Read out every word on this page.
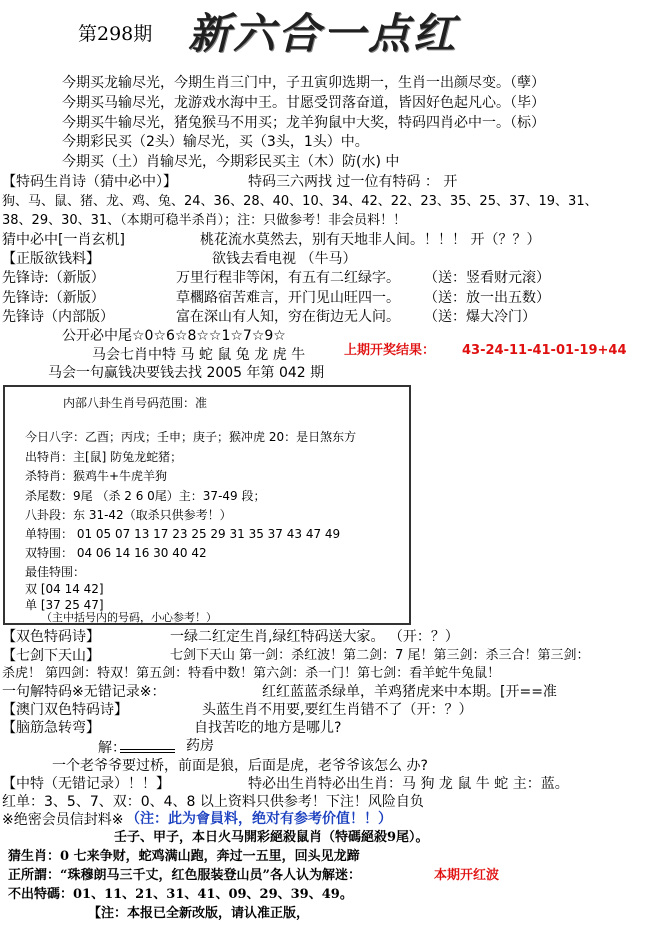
第298期 新六合一点红
今期买龙输尽光，今期生肖三门中，子丑寅卯选期一，生肖一出颜尽变。（孽）
今期买马输尽光，龙游戏水海中王。甘愿受罚落奋道，皆因好色起凡心。（毕）
今期买牛输尽光，猪兔猴马不用买；龙羊狗鼠中大奖，特码四肖必中一。（标）
今期彩民买（2头）输尽光，买（3头，1头）中。
今期买（土）肖输尽光，今期彩民买主（木）防(水) 中
【特码生肖诗（猜中必中）】	特码三六两找 过一位有特码 ： 开
狗、马、鼠、猪、龙、鸡、兔、24、36、28、40、10、34、42、22、23、35、25、37、19、31、
38、29、30、31、（本期可稳半杀肖）；注：只做参考！非会员料！！
猜中必中[一肖玄机]	桃花流水莫然去，别有天地非人间。！！！ 开（？？）
【正版欲钱料】	欲钱去看电视 （牛马）
先锋诗:（新版）	万里行程非等闲，有五有二红绿字。 （送：竖看财元滚）
先锋诗:（新版）	草櫊路宿苦难言，开门见山旺四一。 （送：放一出五数）
先锋诗（内部版）	富在深山有人知，穷在街边无人问。 （送：爆大冷门）
公开必中尾☆0☆6☆8☆☆1☆7☆9☆
马会七肖中特 马 蛇 鼠 兔 龙 虎 牛	上期开奖结果： 43-24-11-41-01-19+44
马会一句赢钱决要钱去找 2005 年第 042 期
内部八卦生肖号码范围：准
今日八字：乙酉；丙戌；壬申；庚子；猴冲虎 20：是日煞东方
出特肖：主[鼠] 防兔龙蛇猪；
杀特肖：猴鸡牛+牛虎羊狗
杀尾数：9尾 （杀 2 6 0尾）主：37-49 段；
八卦段：东 31-42（取杀只供参考！）
单特围： 01 05 07 13 17 23 25 29 31 35 37 43 47 49
双特围： 04 06 14 16 30 40 42
最佳特围：
双 [04 14 42]
单 [37 25 47]
（主中括号内的号码，小心参考！）
【双色特码诗】	一绿二红定生肖,绿红特码送大家。 （开：？）
【七剑下天山】	七剑下天山 第一剑：杀红波！第二剑：7 尾！第三剑：杀三合！第三剑：
杀虎！ 第四剑：特双！第五剑：特看中数！第六剑：杀一门！第七剑：看羊蛇牛兔鼠！
一句解特码※无错记录※：	红红蓝蓝杀绿单，羊鸡猪虎来中本期。[开==准
【澳门双色特码诗】	头蓝生肖不用要,要红生肖错不了（开：？）
【脑筋急转弯】	自找苦吃的地方是哪儿?
解：	药房
一个老爷爷要过桥，前面是狼，后面是虎，老爷爷该怎么 办?
【中特（无错记录）！！】	特必出生肖特必出生肖：马 狗 龙 鼠 牛 蛇 主：蓝。
红单：3、5、7、双：0、4、8 以上资料只供参考！下注！风险自负
※绝密会员信封料※ （注：此为會員料，绝对有参考价值！！）
壬子、甲子，本日火马開彩絕殺鼠肖（特碼絕殺9尾）。
猜生肖：0 七来争财，蛇鸡满山跑，奔过一五里，回头见龙蹄
正所謂：“珠穆朗马三千丈，红色服装登山员”各人认为解迷：	本期开红波
不出特碼：01、11、21、31、41、09、29、39、49。
【注：本报已全新改版，请认准正版，
